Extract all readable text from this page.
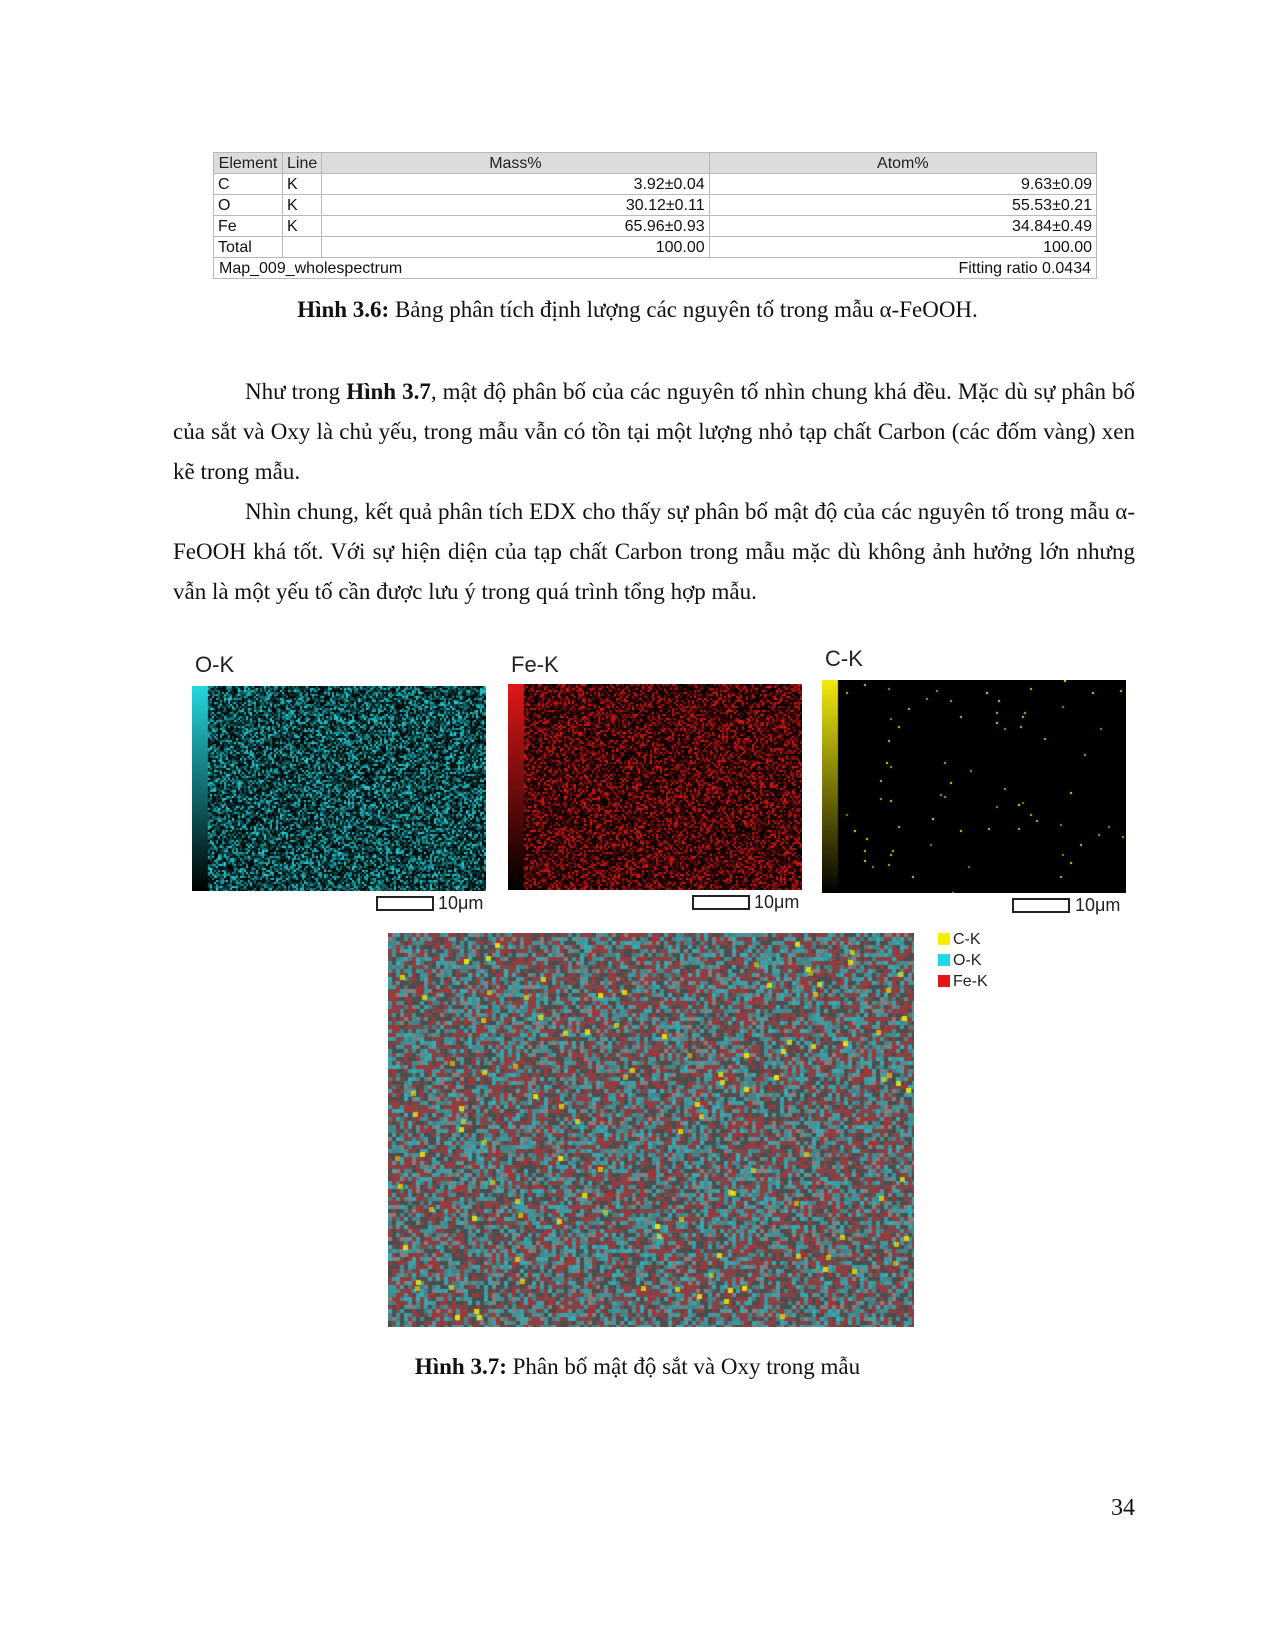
Element	Line	Mass%	Atom%
C	K	3.92±0.04	9.63±0.09
O	K	30.12±0.11	55.53±0.21
Fe	K	65.96±0.93	34.84±0.49
Total		100.00	100.00

Map_009_wholespectrum Fitting ratio 0.0434			
Hình 3.6: Bảng phân tích định lượng các nguyên tố trong mẫu α-FeOOH.
Như trong Hình 3.7, mật độ phân bố của các nguyên tố nhìn chung khá đều. Mặc dù sự phân bố của sắt và Oxy là chủ yếu, trong mẫu vẫn có tồn tại một lượng nhỏ tạp chất Carbon (các đốm vàng) xen kẽ trong mẫu.
Nhìn chung, kết quả phân tích EDX cho thấy sự phân bố mật độ của các nguyên tố trong mẫu α-FeOOH khá tốt. Với sự hiện diện của tạp chất Carbon trong mẫu mặc dù không ảnh hưởng lớn nhưng vẫn là một yếu tố cần được lưu ý trong quá trình tổng hợp mẫu.
O-K
10μm
Fe-K
10μm
C-K
10μm
C-K
O-K
Fe-K
Hình 3.7: Phân bố mật độ sắt và Oxy trong mẫu
34
